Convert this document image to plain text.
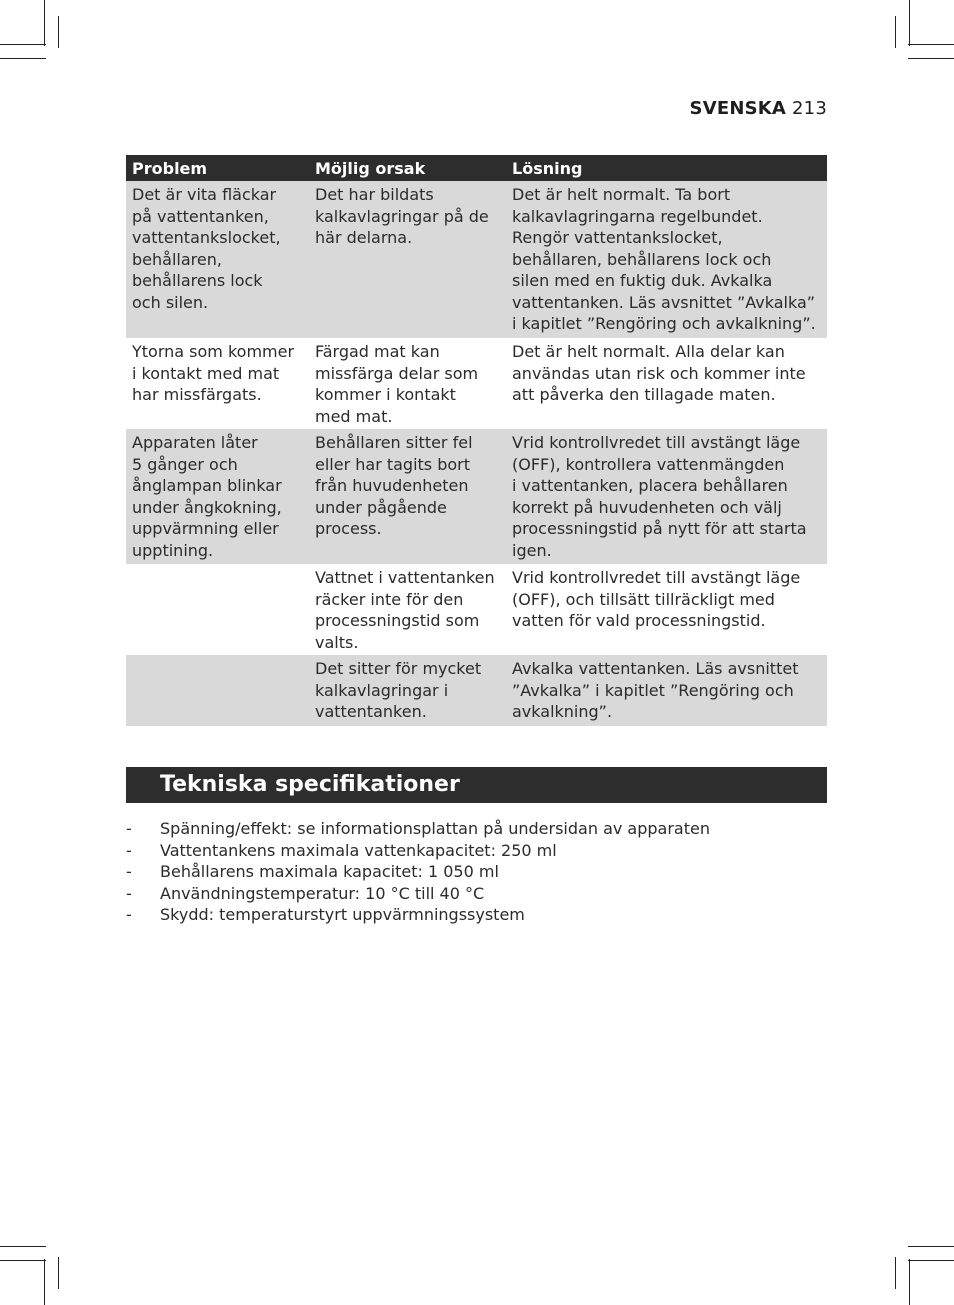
SVENSKA 213
Problem	Möjlig orsak	Lösning
Det är vita fläckar
på vattentanken,
vattentankslocket,
behållaren,
behållarens lock
och silen.
Det har bildats
kalkavlagringar på de
här delarna.
Det är helt normalt. Ta bort
kalkavlagringarna regelbundet.
Rengör vattentankslocket,
behållaren, behållarens lock och
silen med en fuktig duk. Avkalka
vattentanken. Läs avsnittet ”Avkalka”
i kapitlet ”Rengöring och avkalkning”.
Ytorna som kommer
i kontakt med mat
har missfärgats.
Färgad mat kan
missfärga delar som
kommer i kontakt
med mat.
Det är helt normalt. Alla delar kan
användas utan risk och kommer inte
att påverka den tillagade maten.
Apparaten låter
5 gånger och
ånglampan blinkar
under ångkokning,
uppvärmning eller
upptining.
Behållaren sitter fel
eller har tagits bort
från huvudenheten
under pågående
process.
Vrid kontrollvredet till avstängt läge
(OFF), kontrollera vattenmängden
i vattentanken, placera behållaren
korrekt på huvudenheten och välj
processningstid på nytt för att starta
igen.
Vattnet i vattentanken
räcker inte för den
processningstid som
valts.
Vrid kontrollvredet till avstängt läge
(OFF), och tillsätt tillräckligt med
vatten för vald processningstid.
Det sitter för mycket
kalkavlagringar i
vattentanken.
Avkalka vattentanken. Läs avsnittet
”Avkalka” i kapitlet ”Rengöring och
avkalkning”.
Tekniska specifikationer
- Spänning/effekt: se informationsplattan på undersidan av apparaten
- Vattentankens maximala vattenkapacitet: 250 ml
- Behållarens maximala kapacitet: 1 050 ml
- Användningstemperatur: 10 °C till 40 °C
- Skydd: temperaturstyrt uppvärmningssystem
